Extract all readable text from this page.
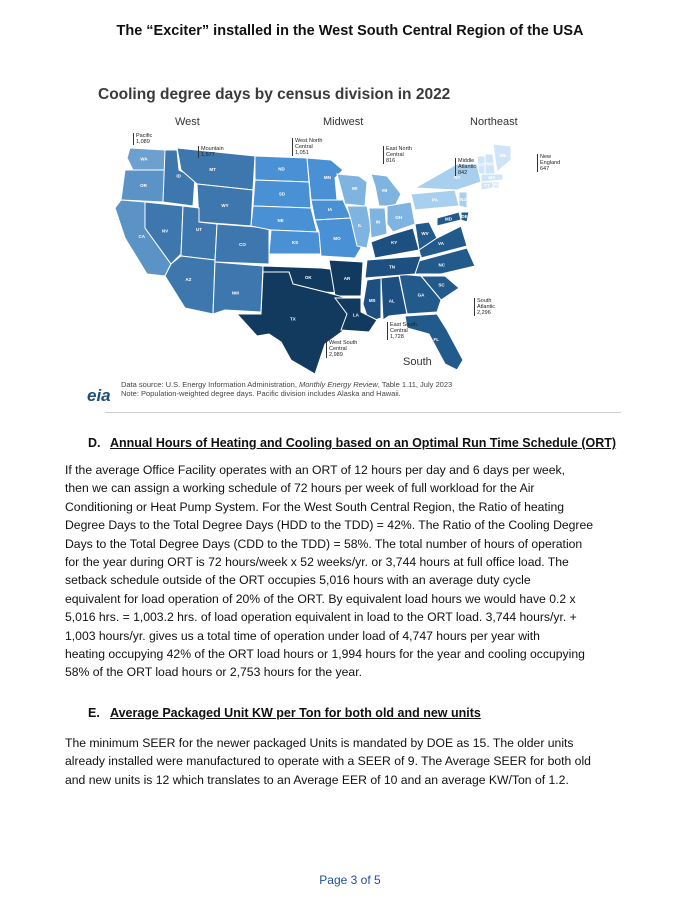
The “Exciter” installed in the West South Central Region of the USA
Cooling degree days by census division in 2022
WA
OR
CA
ID
NV
MT
WY
UT
CO
AZ
NM
ND
SD
NE
KS
MN
IA
MO
WI
IL
IN
MI
OH
KY
TN
MS	AL
GA
FL
SC
NC
VA
WV
MD DE
PA
NY
VT NH
MA
CT RI
ME
NJ
OK
TX
AR
LA
West	Midwest	Northeast
South
Pacific
1,089
Mountain
1,577
West North
Central
1,051
East North
Central
816	Middle
Atlantic
842
New
England
647
South
Atlantic
2,296
East South
Central
1,728
West South
Central
2,989
eia
Data source: U.S. Energy Information Administration, Monthly Energy Review, Table 1.11, July 2023
Note: Population-weighted degree days. Pacific division includes Alaska and Hawaii.
D. Annual Hours of Heating and Cooling based on an Optimal Run Time Schedule (ORT)
If the average Office Facility operates with an ORT of 12 hours per day and 6 days per week,
then we can assign a working schedule of 72 hours per week of full workload for the Air
Conditioning or Heat Pump System. For the West South Central Region, the Ratio of heating
Degree Days to the Total Degree Days (HDD to the TDD) = 42%. The Ratio of the Cooling Degree
Days to the Total Degree Days (CDD to the TDD) = 58%. The total number of hours of operation
for the year during ORT is 72 hours/week x 52 weeks/yr. or 3,744 hours at full office load. The
setback schedule outside of the ORT occupies 5,016 hours with an average duty cycle
equivalent for load operation of 20% of the ORT. By equivalent load hours we would have 0.2 x
5,016 hrs. = 1,003.2 hrs. of load operation equivalent in load to the ORT load. 3,744 hours/yr. +
1,003 hours/yr. gives us a total time of operation under load of 4,747 hours per year with
heating occupying 42% of the ORT load hours or 1,994 hours for the year and cooling occupying
58% of the ORT load hours or 2,753 hours for the year.
E. Average Packaged Unit KW per Ton for both old and new units
The minimum SEER for the newer packaged Units is mandated by DOE as 15. The older units
already installed were manufactured to operate with a SEER of 9. The Average SEER for both old
and new units is 12 which translates to an Average EER of 10 and an average KW/Ton of 1.2.
Page 3 of 5
